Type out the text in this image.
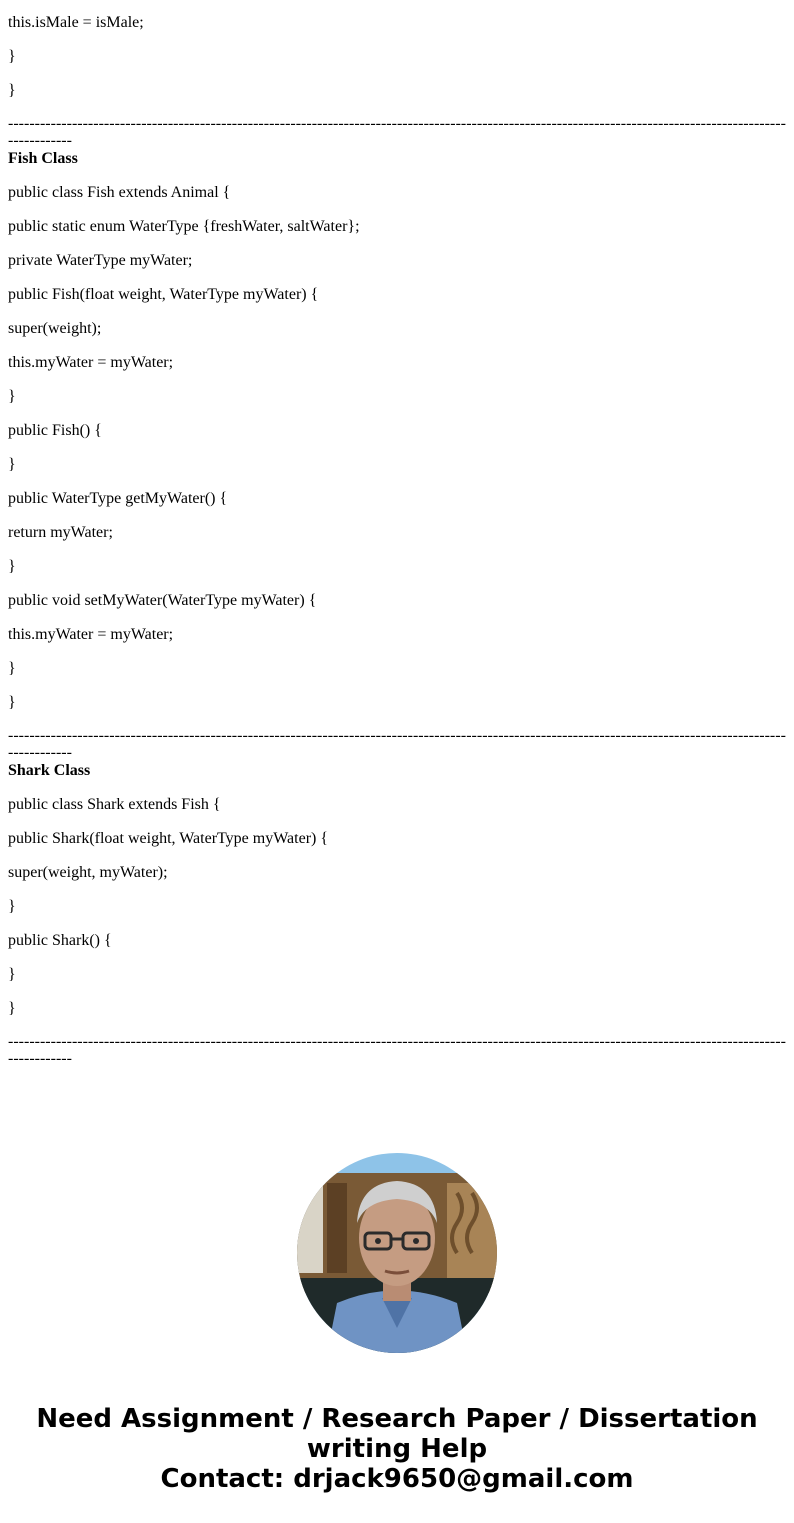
this.isMale = isMale;
}
}
--------------------------------------------------------------------------------------------------------------------------------------------------------------
Fish Class
public class Fish extends Animal {
public static enum WaterType {freshWater, saltWater};
private WaterType myWater;
public Fish(float weight, WaterType myWater) {
super(weight);
this.myWater = myWater;
}
public Fish() {
}
public WaterType getMyWater() {
return myWater;
}
public void setMyWater(WaterType myWater) {
this.myWater = myWater;
}
}
--------------------------------------------------------------------------------------------------------------------------------------------------------------
Shark Class
public class Shark extends Fish {
public Shark(float weight, WaterType myWater) {
super(weight, myWater);
}
public Shark() {
}
}
--------------------------------------------------------------------------------------------------------------------------------------------------------------
Need Assignment / Research Paper / Dissertation
writing Help
Contact: drjack9650@gmail.com
